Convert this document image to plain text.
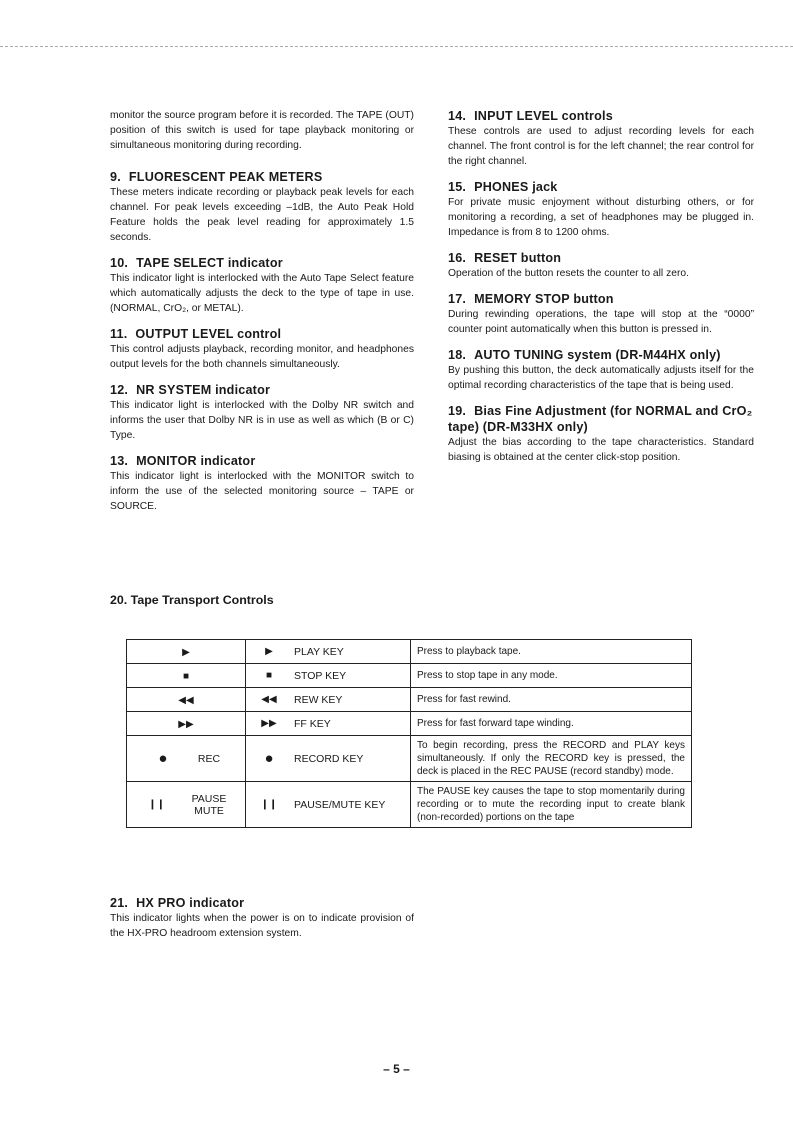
monitor the source program before it is recorded. The TAPE (OUT) position of this switch is used for tape playback monitoring or simultaneous monitoring during recording.

9. FLUORESCENT PEAK METERS

These meters indicate recording or playback peak levels for each channel. For peak levels exceeding –1dB, the Auto Peak Hold Feature holds the peak level reading for approximately 1.5 seconds.

10. TAPE SELECT indicator

This indicator light is interlocked with the Auto Tape Select feature which automatically adjusts the deck to the type of tape in use. (NORMAL, CrO₂, or METAL).

11. OUTPUT LEVEL control

This control adjusts playback, recording monitor, and headphones output levels for the both channels simultaneously.

12. NR SYSTEM indicator

This indicator light is interlocked with the Dolby NR switch and informs the user that Dolby NR is in use as well as which (B or C) Type.

13. MONITOR indicator

This indicator light is interlocked with the MONITOR switch to inform the use of the selected monitoring source – TAPE or SOURCE.

14. INPUT LEVEL controls

These controls are used to adjust recording levels for each channel. The front control is for the left channel; the rear control for the right channel.

15. PHONES jack

For private music enjoyment without disturbing others, or for monitoring a recording, a set of headphones may be plugged in. Impedance is from 8 to 1200 ohms.

16. RESET button

Operation of the button resets the counter to all zero.

17. MEMORY STOP button

During rewinding operations, the tape will stop at the “0000” counter point automatically when this button is pressed in.

18. AUTO TUNING system (DR-M44HX only)

By pushing this button, the deck automatically adjusts itself for the optimal recording characteristics of the tape that is being used.

19. Bias Fine Adjustment (for NORMAL and CrO₂ tape) (DR-M33HX only)

Adjust the bias according to the tape characteristics. Standard biasing is obtained at the center click-stop position.

20. Tape Transport Controls
▶	▶ PLAY KEY	Press to playback tape.
■	■ STOP KEY	Press to stop tape in any mode.
◀◀	◀◀ REW KEY	Press for fast rewind.
▶▶	▶▶ FF KEY	Press for fast forward tape winding.

● REC	● RECORD KEY	To begin recording, press the RECORD and PLAY keys simultaneously. If only the RECORD key is pressed, the deck is placed in the REC PAUSE (record standby) mode.

❙❙ PAUSE
MUTE	❙❙ PAUSE/MUTE KEY	The PAUSE key causes the tape to stop momentarily during recording or to mute the recording input to create blank (non-recorded) portions on the tape
21. HX PRO indicator

This indicator lights when the power is on to indicate provision of the HX-PRO headroom extension system.

– 5 –
